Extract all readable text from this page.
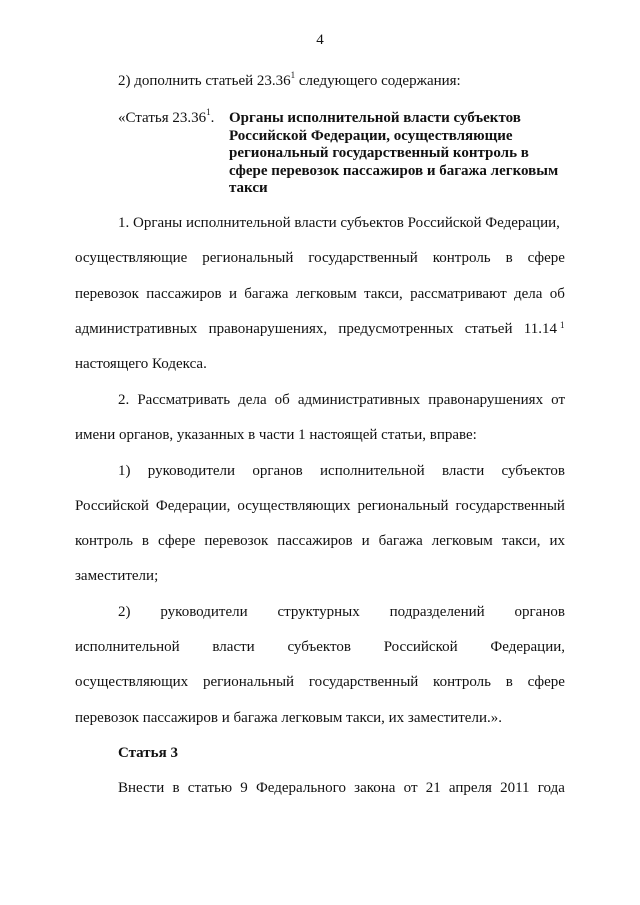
4
2) дополнить статьей 23.36$^1$ следующего содержания:
«Статья 23.36$^1$. Органы исполнительной власти субъектов
Российской Федерации, осуществляющие
региональный государственный контроль в
сфере перевозок пассажиров и багажа легковым
такси
1. Органы исполнительной власти субъектов Российской Федерации,
осуществляющие региональный государственный контроль в сфере
перевозок пассажиров и багажа легковым такси, рассматривают дела об
административных правонарушениях, предусмотренных статьей 11.14 1
настоящего Кодекса.
2. Рассматривать дела об административных правонарушениях от
имени органов, указанных в части 1 настоящей статьи, вправе:
1) руководители органов исполнительной власти субъектов
Российской Федерации, осуществляющих региональный государственный
контроль в сфере перевозок пассажиров и багажа легковым такси, их
заместители;
2) руководители структурных подразделений органов
исполнительной власти субъектов Российской Федерации,
осуществляющих региональный государственный контроль в сфере
перевозок пассажиров и багажа легковым такси, их заместители.».
Статья 3
Внести в статью 9 Федерального закона от 21 апреля 2011 года
